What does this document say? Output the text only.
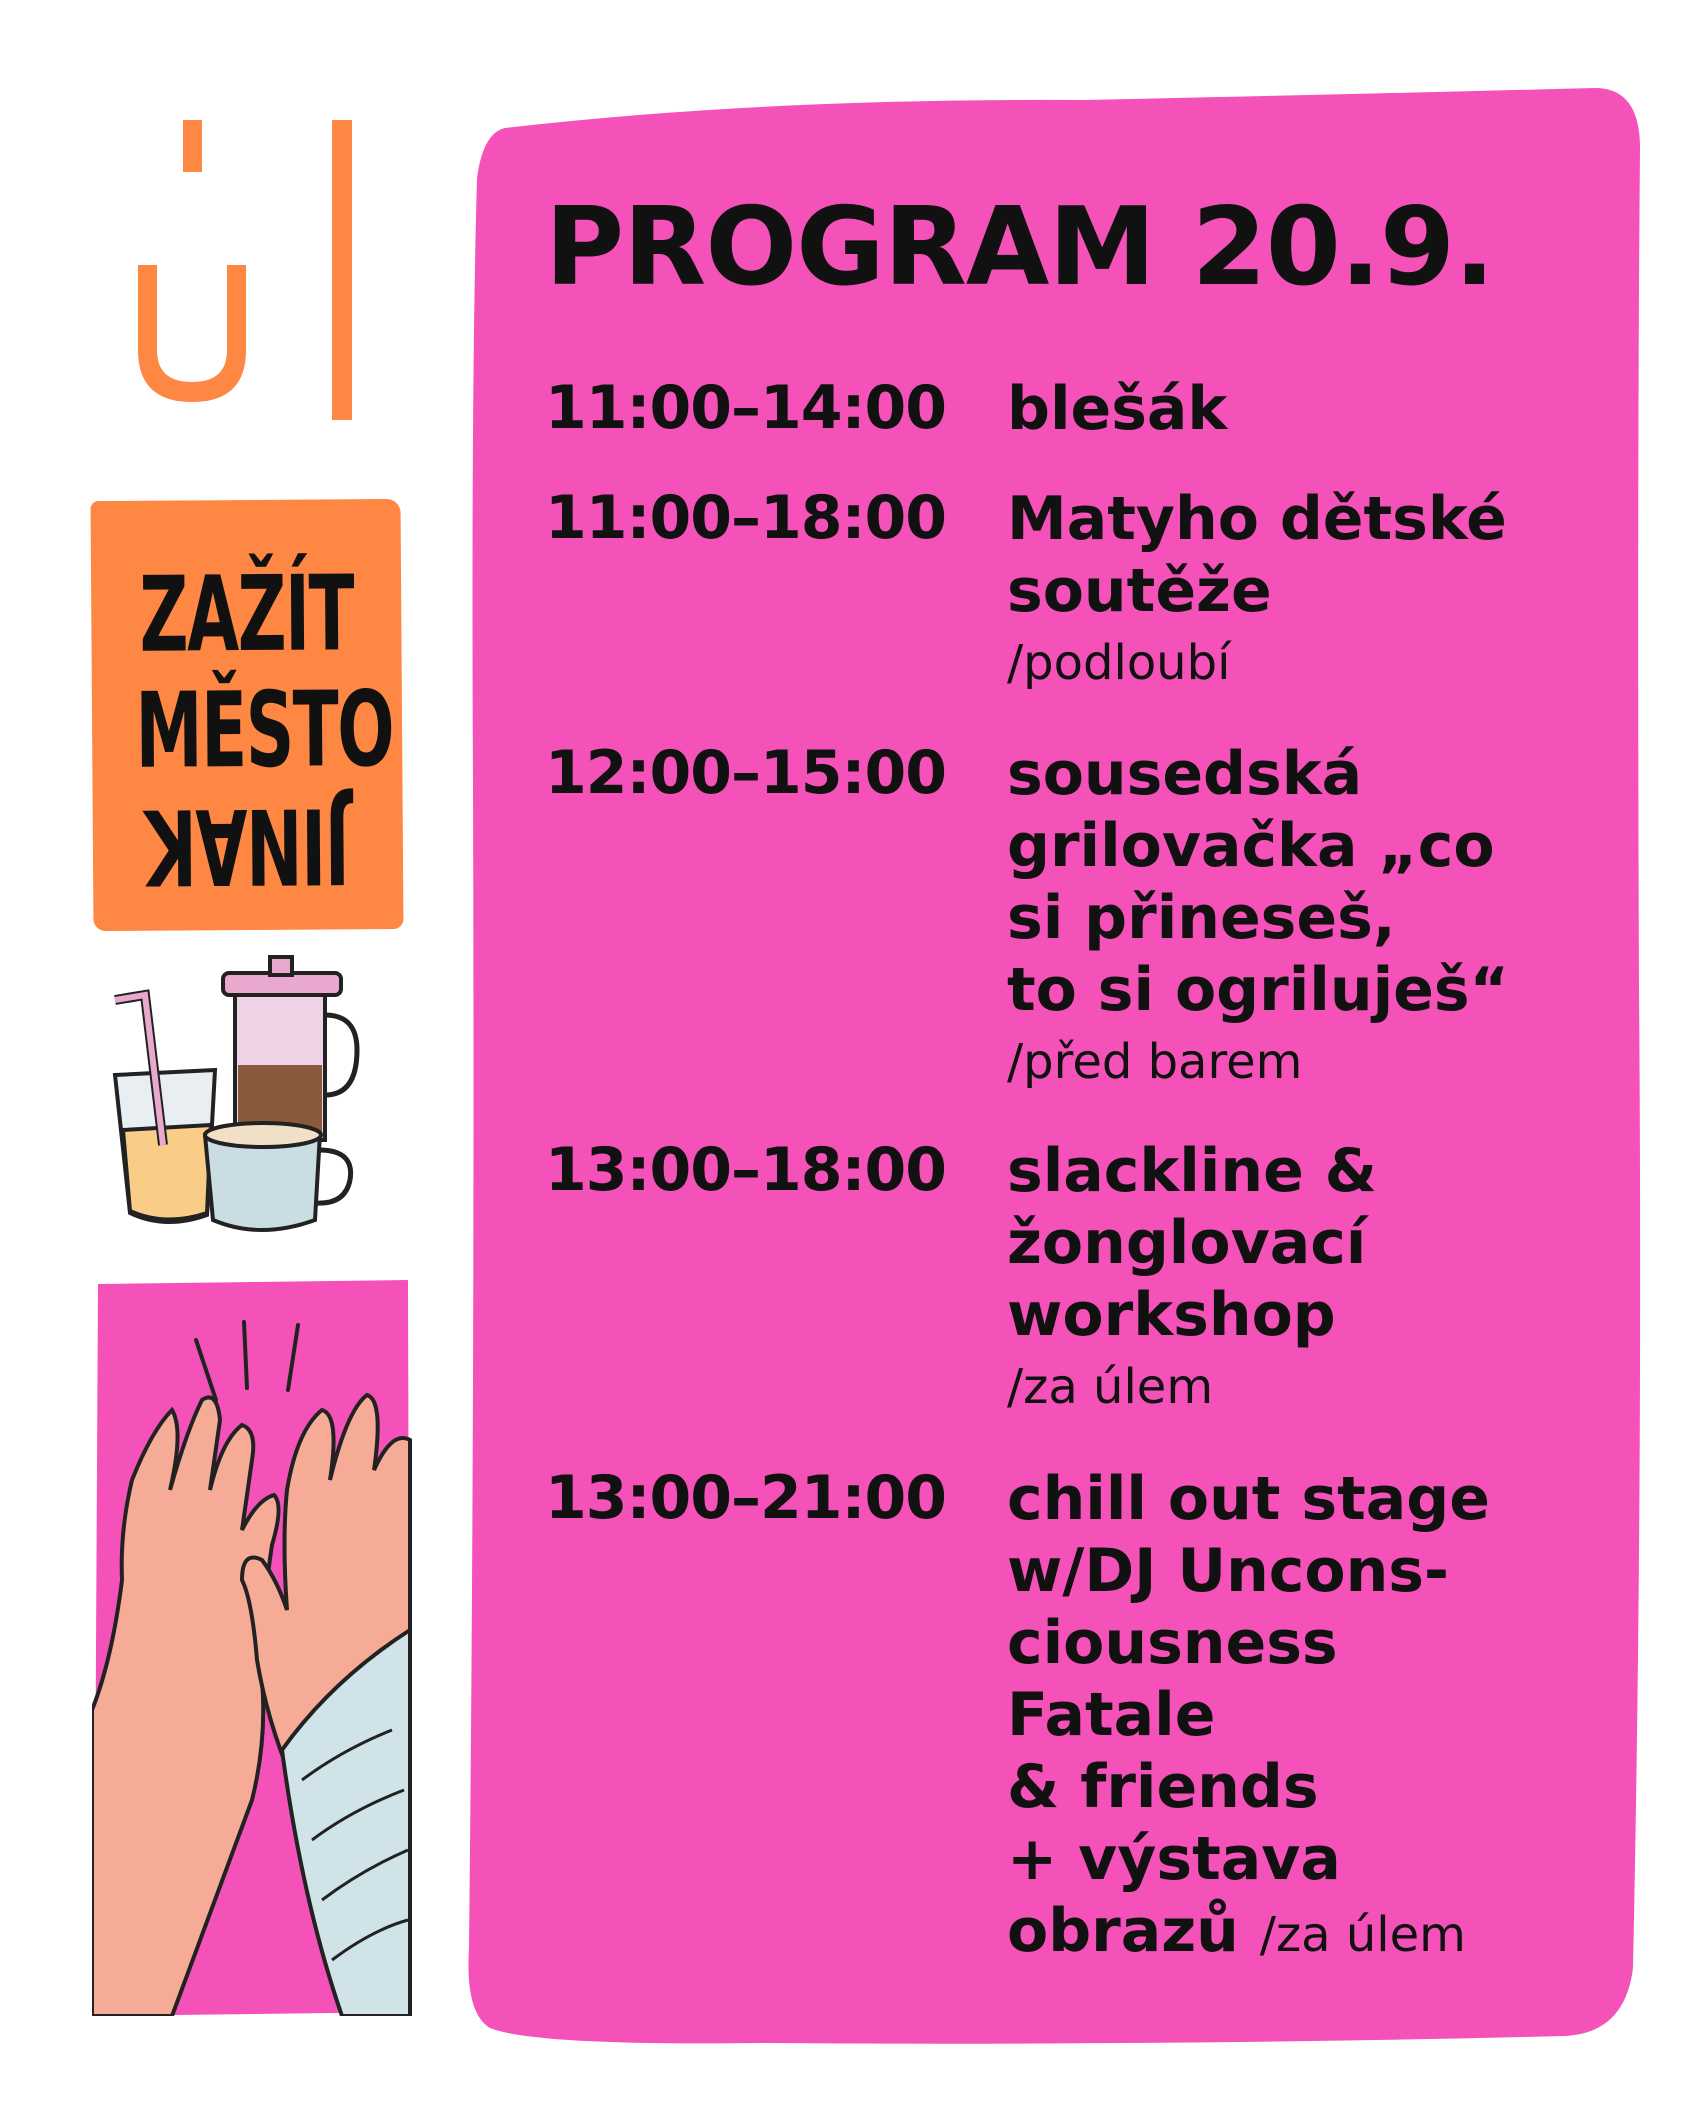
ZAŽÍT
MĚSTO
JINAK
PROGRAM 20.9.
11:00–14:00 blešák
11:00–18:00 Matyho dětské
soutěže
/podloubí
12:00–15:00 sousedská
grilovačka „co
si přineseš,
to si ogriluješ“
/před barem
13:00–18:00 slackline &
žonglovací
workshop
/za úlem
13:00–21:00 chill out stage
w/DJ Uncons-
ciousness
Fatale
& friends
+ výstava
obrazů /za úlem
